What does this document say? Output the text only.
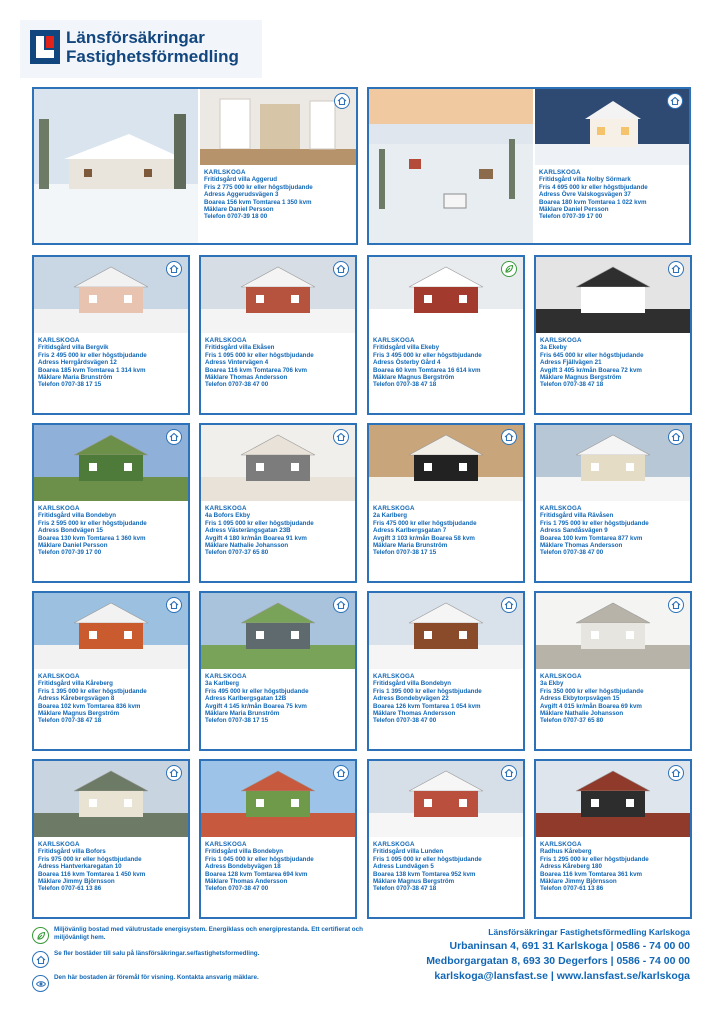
Länsförsäkringar
Fastighetsförmedling
KARLSKOGA
Fritidsgård villa Aggerud
Fris 2 775 000 kr eller högstbjudande
Adress Aggerudsvägen 3
Boarea 156 kvm Tomtarea 1 350 kvm
Mäklare Daniel Persson
Telefon 0707-39 18 00
KARLSKOGA
Fritidsgård villa Nolby Sörmark
Fris 4 695 000 kr eller högstbjudande
Adress Övre Valskogsvägen 37
Boarea 180 kvm Tomtarea 1 022 kvm
Mäklare Daniel Persson
Telefon 0707-39 17 00
KARLSKOGA
Fritidsgård villa Bergvik
Fris 2 495 000 kr eller högstbjudande
Adress Herrgårdsvägen 12
Boarea 185 kvm Tomtarea 1 314 kvm
Mäklare Maria Brunström
Telefon 0707-38 17 15
KARLSKOGA
Fritidsgård villa Ekåsen
Fris 1 095 000 kr eller högstbjudande
Adress Vintervägen 4
Boarea 116 kvm Tomtarea 706 kvm
Mäklare Thomas Andersson
Telefon 0707-38 47 00
KARLSKOGA
Fritidsgård villa Ekeby
Fris 3 495 000 kr eller högstbjudande
Adress Österby Gård 4
Boarea 60 kvm Tomtarea 16 614 kvm
Mäklare Magnus Bergström
Telefon 0707-38 47 18
KARLSKOGA
3a Ekeby
Fris 645 000 kr eller högstbjudande
Adress Fjällvägen 21
Avgift 3 405 kr/mån Boarea 72 kvm
Mäklare Magnus Bergström
Telefon 0707-38 47 18
KARLSKOGA
Fritidsgård villa Bondebyn
Fris 2 595 000 kr eller högstbjudande
Adress Bondvägen 15
Boarea 130 kvm Tomtarea 1 360 kvm
Mäklare Daniel Persson
Telefon 0707-39 17 00
KARLSKOGA
4a Bofors Ekby
Fris 1 095 000 kr eller högstbjudande
Adress Västerängsgatan 23B
Avgift 4 180 kr/mån Boarea 91 kvm
Mäklare Nathalie Johansson
Telefon 0707-37 65 80
KARLSKOGA
2a Karlberg
Fris 475 000 kr eller högstbjudande
Adress Karlbergsgatan 7
Avgift 3 103 kr/mån Boarea 58 kvm
Mäklare Maria Brunström
Telefon 0707-38 17 15
KARLSKOGA
Fritidsgård villa Rävåsen
Fris 1 795 000 kr eller högstbjudande
Adress Sandåsvägen 9
Boarea 100 kvm Tomtarea 877 kvm
Mäklare Thomas Andersson
Telefon 0707-38 47 00
KARLSKOGA
Fritidsgård villa Kåreberg
Fris 1 395 000 kr eller högstbjudande
Adress Kårebergsvägen 8
Boarea 102 kvm Tomtarea 836 kvm
Mäklare Magnus Bergström
Telefon 0707-38 47 18
KARLSKOGA
3a Karlberg
Fris 495 000 kr eller högstbjudande
Adress Karlbergsgatan 12B
Avgift 4 145 kr/mån Boarea 75 kvm
Mäklare Maria Brunström
Telefon 0707-38 17 15
KARLSKOGA
Fritidsgård villa Bondebyn
Fris 1 395 000 kr eller högstbjudande
Adress Bondebyvägen 22
Boarea 126 kvm Tomtarea 1 054 kvm
Mäklare Thomas Andersson
Telefon 0707-38 47 00
KARLSKOGA
3a Ekby
Fris 350 000 kr eller högstbjudande
Adress Ekbytorpsvägen 15
Avgift 4 015 kr/mån Boarea 69 kvm
Mäklare Nathalie Johansson
Telefon 0707-37 65 80
KARLSKOGA
Fritidsgård villa Bofors
Fris 975 000 kr eller högstbjudande
Adress Hantverkaregatan 10
Boarea 116 kvm Tomtarea 1 450 kvm
Mäklare Jimmy Björnsson
Telefon 0707-61 13 86
KARLSKOGA
Fritidsgård villa Bondebyn
Fris 1 045 000 kr eller högstbjudande
Adress Bondebyvägen 18
Boarea 128 kvm Tomtarea 694 kvm
Mäklare Thomas Andersson
Telefon 0707-38 47 00
KARLSKOGA
Fritidsgård villa Lunden
Fris 1 095 000 kr eller högstbjudande
Adress Lundvägen 5
Boarea 138 kvm Tomtarea 952 kvm
Mäklare Magnus Bergström
Telefon 0707-38 47 18
KARLSKOGA
Radhus Kåreberg
Fris 1 295 000 kr eller högstbjudande
Adress Kåreberg 180
Boarea 116 kvm Tomtarea 361 kvm
Mäklare Jimmy Björnsson
Telefon 0707-61 13 86
Miljövänlig bostad med välutrustade energisystem. Energiklass och energiprestanda. Ett certifierat och miljövänligt hem.
Se fler bostäder till salu på länsförsäkringar.se/fastighetsformedling.
Den här bostaden är föremål för visning. Kontakta ansvarig mäklare.
Länsförsäkringar Fastighetsförmedling Karlskoga
Urbaninsan 4, 691 31 Karlskoga | 0586 - 74 00 00
Medborgargatan 8, 693 30 Degerfors | 0586 - 74 00 00
karlskoga@lansfast.se | www.lansfast.se/karlskoga
